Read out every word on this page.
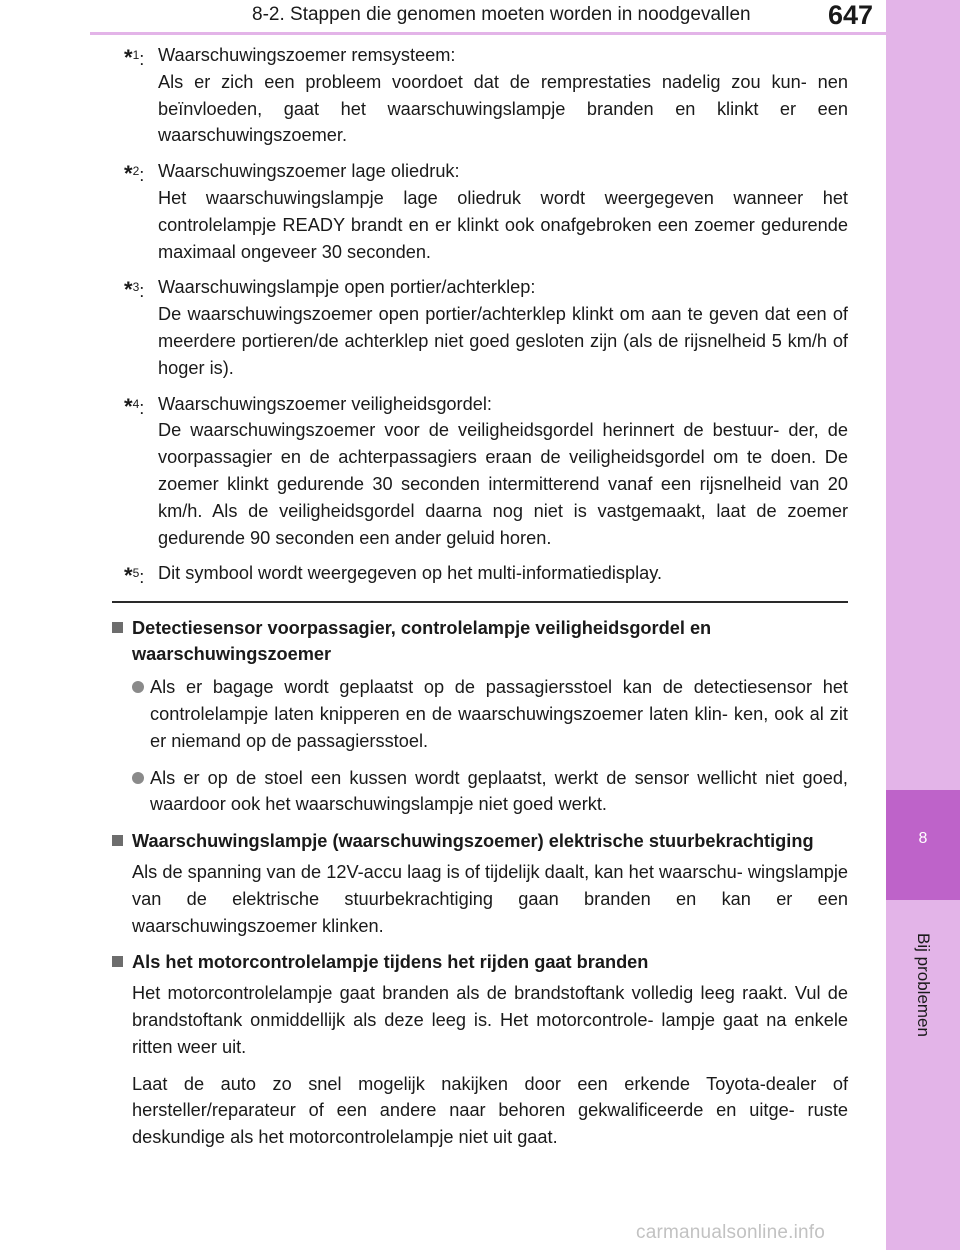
8-2. Stappen die genomen moeten worden in noodgevallen	647
8
Bij problemen
*$^1$: Waarschuwingszoemer remsysteem:
Als er zich een probleem voordoet dat de remprestaties nadelig zou kun- nen beïnvloeden, gaat het waarschuwingslampje branden en klinkt er een waarschuwingszoemer.
*$^2$: Waarschuwingszoemer lage oliedruk:
Het waarschuwingslampje lage oliedruk wordt weergegeven wanneer het controlelampje READY brandt en er klinkt ook onafgebroken een zoemer gedurende maximaal ongeveer 30 seconden.
*$^3$: Waarschuwingslampje open portier/achterklep:
De waarschuwingszoemer open portier/achterklep klinkt om aan te geven dat een of meerdere portieren/de achterklep niet goed gesloten zijn (als de rijsnelheid 5 km/h of hoger is).
*$^4$: Waarschuwingszoemer veiligheidsgordel:
De waarschuwingszoemer voor de veiligheidsgordel herinnert de bestuur- der, de voorpassagier en de achterpassagiers eraan de veiligheidsgordel om te doen. De zoemer klinkt gedurende 30 seconden intermitterend vanaf een rijsnelheid van 20 km/h. Als de veiligheidsgordel daarna nog niet is vastgemaakt, laat de zoemer gedurende 90 seconden een ander geluid horen.
*$^5$: Dit symbool wordt weergegeven op het multi-informatiedisplay.
Detectiesensor voorpassagier, controlelampje veiligheidsgordel en waarschuwingszoemer
Als er bagage wordt geplaatst op de passagiersstoel kan de detectiesensor het controlelampje laten knipperen en de waarschuwingszoemer laten klin- ken, ook al zit er niemand op de passagiersstoel.
Als er op de stoel een kussen wordt geplaatst, werkt de sensor wellicht niet goed, waardoor ook het waarschuwingslampje niet goed werkt.
Waarschuwingslampje (waarschuwingszoemer) elektrische stuurbekrachtiging
Als de spanning van de 12V-accu laag is of tijdelijk daalt, kan het waarschu- wingslampje van de elektrische stuurbekrachtiging gaan branden en kan er een waarschuwingszoemer klinken.
Als het motorcontrolelampje tijdens het rijden gaat branden
Het motorcontrolelampje gaat branden als de brandstoftank volledig leeg raakt. Vul de brandstoftank onmiddellijk als deze leeg is. Het motorcontrole- lampje gaat na enkele ritten weer uit.
Laat de auto zo snel mogelijk nakijken door een erkende Toyota-dealer of hersteller/reparateur of een andere naar behoren gekwalificeerde en uitge- ruste deskundige als het motorcontrolelampje niet uit gaat.
carmanualsonline.info
